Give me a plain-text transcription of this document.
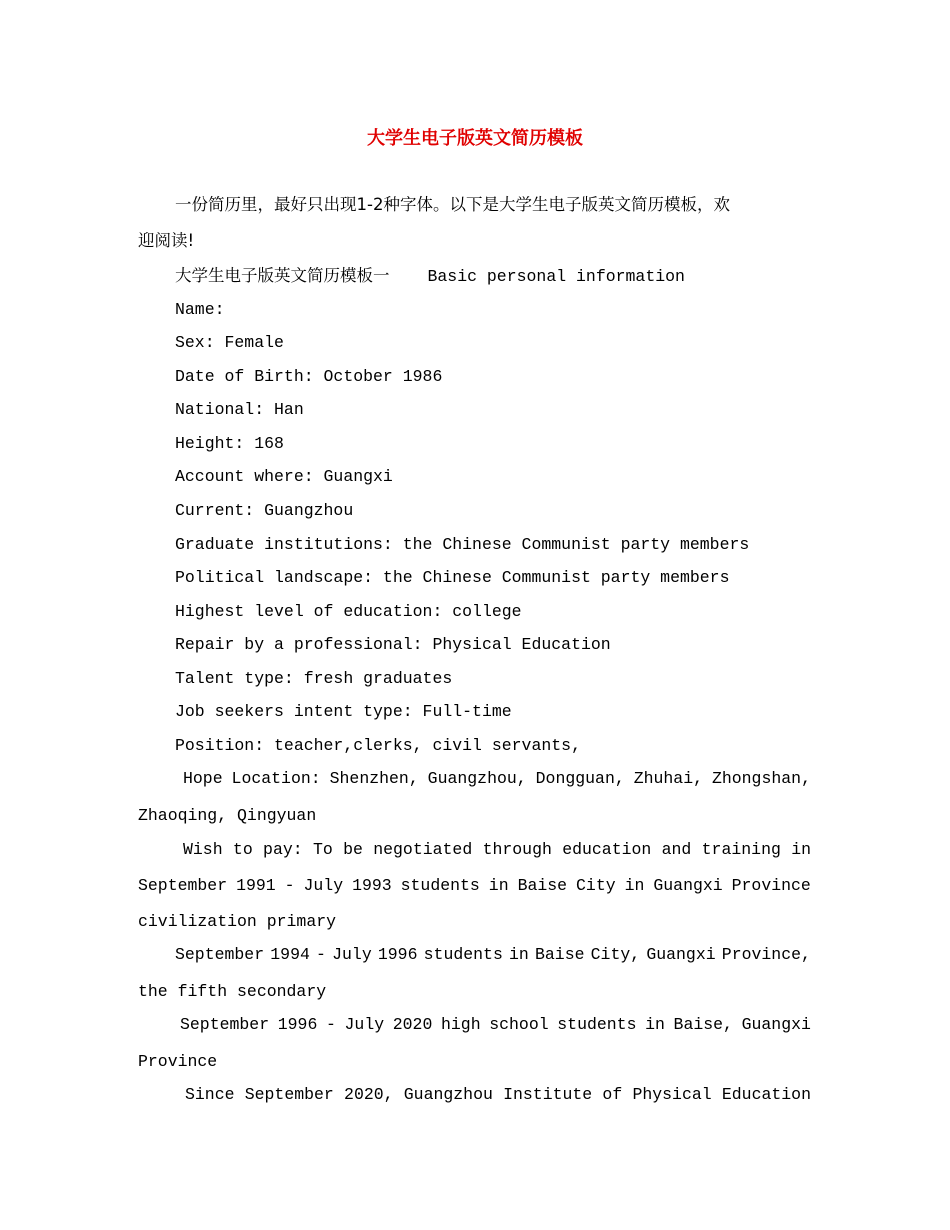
大学生电子版英文简历模板
一份简历里，最好只出现1-2种字体。以下是大学生电子版英文简历模板，欢
迎阅读!
大学生电子版英文简历模板一 Basic personal information
Name:
Sex: Female
Date of Birth: October 1986
National: Han
Height: 168
Account where: Guangxi
Current: Guangzhou
Graduate institutions: the Chinese Communist party members
Political landscape: the Chinese Communist party members
Highest level of education: college
Repair by a professional: Physical Education
Talent type: fresh graduates
Job seekers intent type: Full-time
Position: teacher,clerks, civil servants,
Hope Location: Shenzhen, Guangzhou, Dongguan, Zhuhai, Zhongshan,
Zhaoqing, Qingyuan
Wish to pay: To be negotiated through education and training in
September 1991 - July 1993 students in Baise City in Guangxi Province
civilization primary
September 1994 - July 1996 students in Baise City, Guangxi Province,
the fifth secondary
September 1996 - July 2020 high school students in Baise, Guangxi
Province
Since September 2020, Guangzhou Institute of Physical Education
